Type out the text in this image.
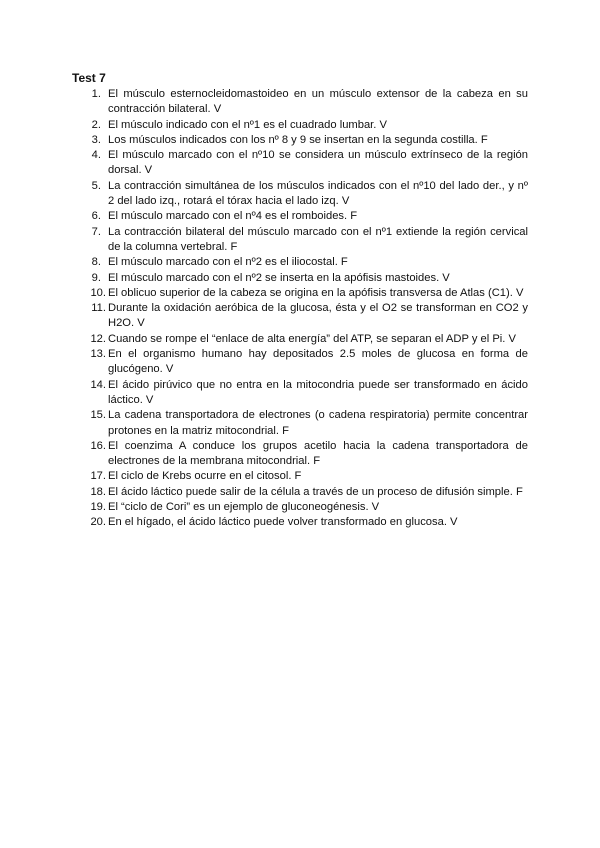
Test 7
1. El músculo esternocleidomastoideo en un músculo extensor de la cabeza en su contracción bilateral. V
2. El músculo indicado con el nº1 es el cuadrado lumbar. V
3. Los músculos indicados con los nº 8 y 9 se insertan en la segunda costilla. F
4. El músculo marcado con el nº10 se considera un músculo extrínseco de la región dorsal. V
5. La contracción simultánea de los músculos indicados con el nº10 del lado der., y nº 2 del lado izq., rotará el tórax hacia el lado izq. V
6. El músculo marcado con el nº4 es el romboides. F
7. La contracción bilateral del músculo marcado con el nº1 extiende la región cervical de la columna vertebral. F
8. El músculo marcado con el nº2 es el iliocostal. F
9. El músculo marcado con el nº2 se inserta en la apófisis mastoides. V
10. El oblicuo superior de la cabeza se origina en la apófisis transversa de Atlas (C1). V
11. Durante la oxidación aeróbica de la glucosa, ésta y el O2 se transforman en CO2 y H2O. V
12. Cuando se rompe el “enlace de alta energía” del ATP, se separan el ADP y el Pi. V
13. En el organismo humano hay depositados 2.5 moles de glucosa en forma de glucógeno. V
14. El ácido pirúvico que no entra en la mitocondria puede ser transformado en ácido láctico. V
15. La cadena transportadora de electrones (o cadena respiratoria) permite concentrar protones en la matriz mitocondrial. F
16. El coenzima A conduce los grupos acetilo hacia la cadena transportadora de electrones de la membrana mitocondrial. F
17. El ciclo de Krebs ocurre en el citosol. F
18. El ácido láctico puede salir de la célula a través de un proceso de difusión simple. F
19. El “ciclo de Cori” es un ejemplo de gluconeogénesis. V
20. En el hígado, el ácido láctico puede volver transformado en glucosa. V
